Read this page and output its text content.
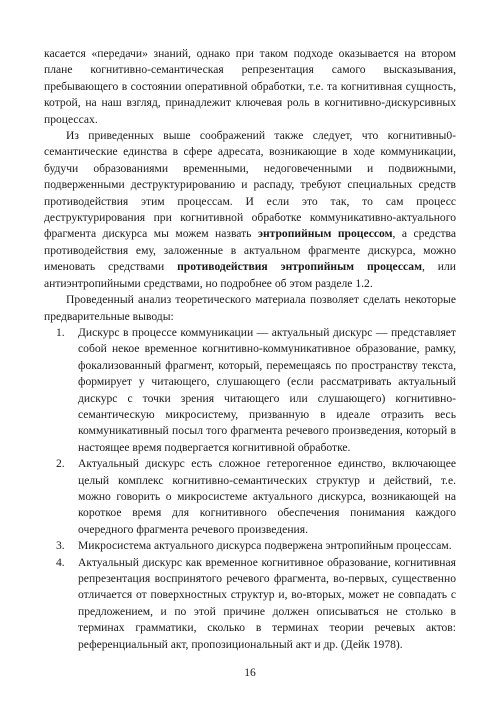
касается «передачи» знаний, однако при таком подходе оказывается на втором плане когнитивно-семантическая репрезентация самого высказывания, пребывающего в состоянии оперативной обработки, т.е. та когнитивная сущность, котрой, на наш взгляд, принадлежит ключевая роль в когнитивно-дискурсивных процессах.

Из приведенных выше соображений также следует, что когнитивны0-семантические единства в сфере адресата, возникающие в ходе коммуникации, будучи образованиями временными, недоговеченными и подвижными, подверженными деструктурированию и распаду, требуют специальных средств противодействия этим процессам. И если это так, то сам процесс деструктурирования при когнитивной обработке коммуникативно-актуального фрагмента дискурса мы можем назвать энтропийным процессом, а средства противодействия ему, заложенные в актуальном фрагменте дискурса, можно именовать средствами противодействия энтропийным процессам, или антиэнтропийными средствами, но подробнее об этом разделе 1.2.

Проведенный анализ теоретического материала позволяет сделать некоторые предварительные выводы:

1. Дискурс в процессе коммуникации — актуальный дискурс — представляет собой некое временное когнитивно-коммуникативное образование, рамку, фокализованный фрагмент, который, перемещаясь по пространству текста, формирует у читающего, слушающего (если рассматривать актуальный дискурс с точки зрения читающего или слушающего) когнитивно-семантическую микросистему, призванную в идеале отразить весь коммуникативный посыл того фрагмента речевого произведения, который в настоящее время подвергается когнитивной обработке.
2. Актуальный дискурс есть сложное гетерогенное единство, включающее целый комплекс когнитивно-семантических структур и действий, т.е. можно говорить о микросистеме актуального дискурса, возникающей на короткое время для когнитивного обеспечения понимания каждого очередного фрагмента речевого произведения.
3. Микросистема актуального дискурса подвержена энтропийным процессам.
4. Актуальный дискурс как временное когнитивное образование, когнитивная репрезентация воспринятого речевого фрагмента, во-первых, существенно отличается от поверхностных структур и, во-вторых, может не совпадать с предложением, и по этой причине должен описываться не столько в терминах грамматики, сколько в терминах теории речевых актов: референциальный акт, пропозициональный акт и др. (Дейк 1978).
16
